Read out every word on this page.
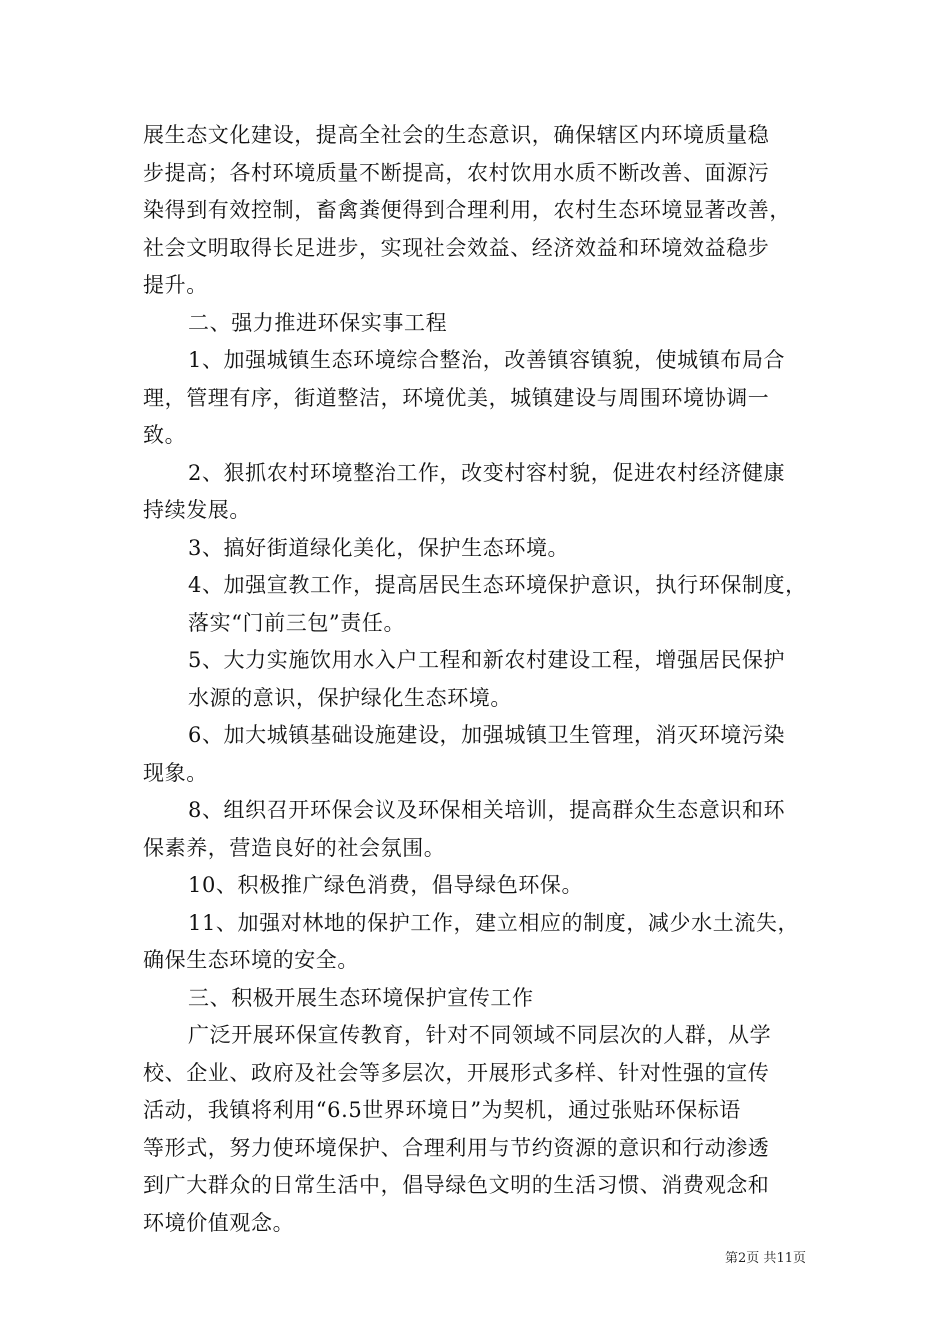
展生态文化建设，提高全社会的生态意识，确保辖区内环境质量稳
步提高；各村环境质量不断提高，农村饮用水质不断改善、面源污
染得到有效控制，畜禽粪便得到合理利用，农村生态环境显著改善，
社会文明取得长足进步，实现社会效益、经济效益和环境效益稳步
提升。
二、强力推进环保实事工程
1、加强城镇生态环境综合整治，改善镇容镇貌，使城镇布局合
理，管理有序，街道整洁，环境优美，城镇建设与周围环境协调一
致。
2、狠抓农村环境整治工作，改变村容村貌，促进农村经济健康
持续发展。
3、搞好街道绿化美化，保护生态环境。
4、加强宣教工作，提高居民生态环境保护意识，执行环保制度，
落实“门前三包”责任。
5、大力实施饮用水入户工程和新农村建设工程，增强居民保护
水源的意识，保护绿化生态环境。
6、加大城镇基础设施建设，加强城镇卫生管理，消灭环境污染
现象。
8、组织召开环保会议及环保相关培训，提高群众生态意识和环
保素养，营造良好的社会氛围。
10、积极推广绿色消费，倡导绿色环保。
11、加强对林地的保护工作，建立相应的制度，减少水土流失，
确保生态环境的安全。
三、积极开展生态环境保护宣传工作
广泛开展环保宣传教育，针对不同领域不同层次的人群，从学
校、企业、政府及社会等多层次，开展形式多样、针对性强的宣传
活动，我镇将利用“6.5世界环境日”为契机，通过张贴环保标语
等形式，努力使环境保护、合理利用与节约资源的意识和行动渗透
到广大群众的日常生活中，倡导绿色文明的生活习惯、消费观念和
环境价值观念。
第2页 共11页
